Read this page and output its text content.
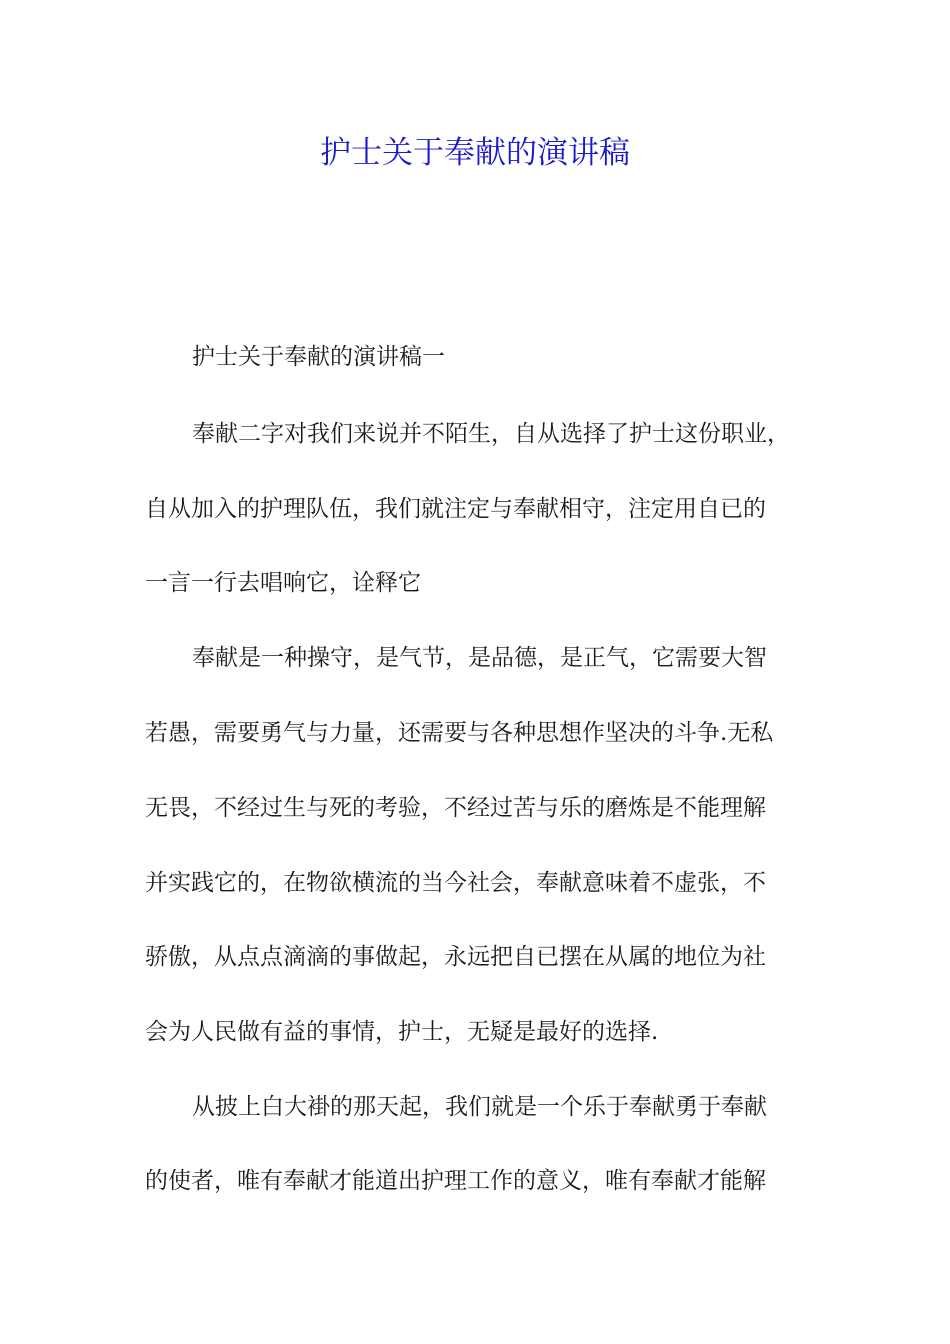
护士关于奉献的演讲稿

护士关于奉献的演讲稿一

奉献二字对我们来说并不陌生，自从选择了护士这份职业，

自从加入的护理队伍，我们就注定与奉献相守，注定用自已的

一言一行去唱响它，诠释它

奉献是一种操守，是气节，是品德，是正气，它需要大智

若愚，需要勇气与力量，还需要与各种思想作坚决的斗争.无私

无畏，不经过生与死的考验，不经过苦与乐的磨炼是不能理解

并实践它的，在物欲横流的当今社会，奉献意味着不虚张，不

骄傲，从点点滴滴的事做起，永远把自已摆在从属的地位为社

会为人民做有益的事情，护士，无疑是最好的选择.

从披上白大褂的那天起，我们就是一个乐于奉献勇于奉献

的使者，唯有奉献才能道出护理工作的意义，唯有奉献才能解
